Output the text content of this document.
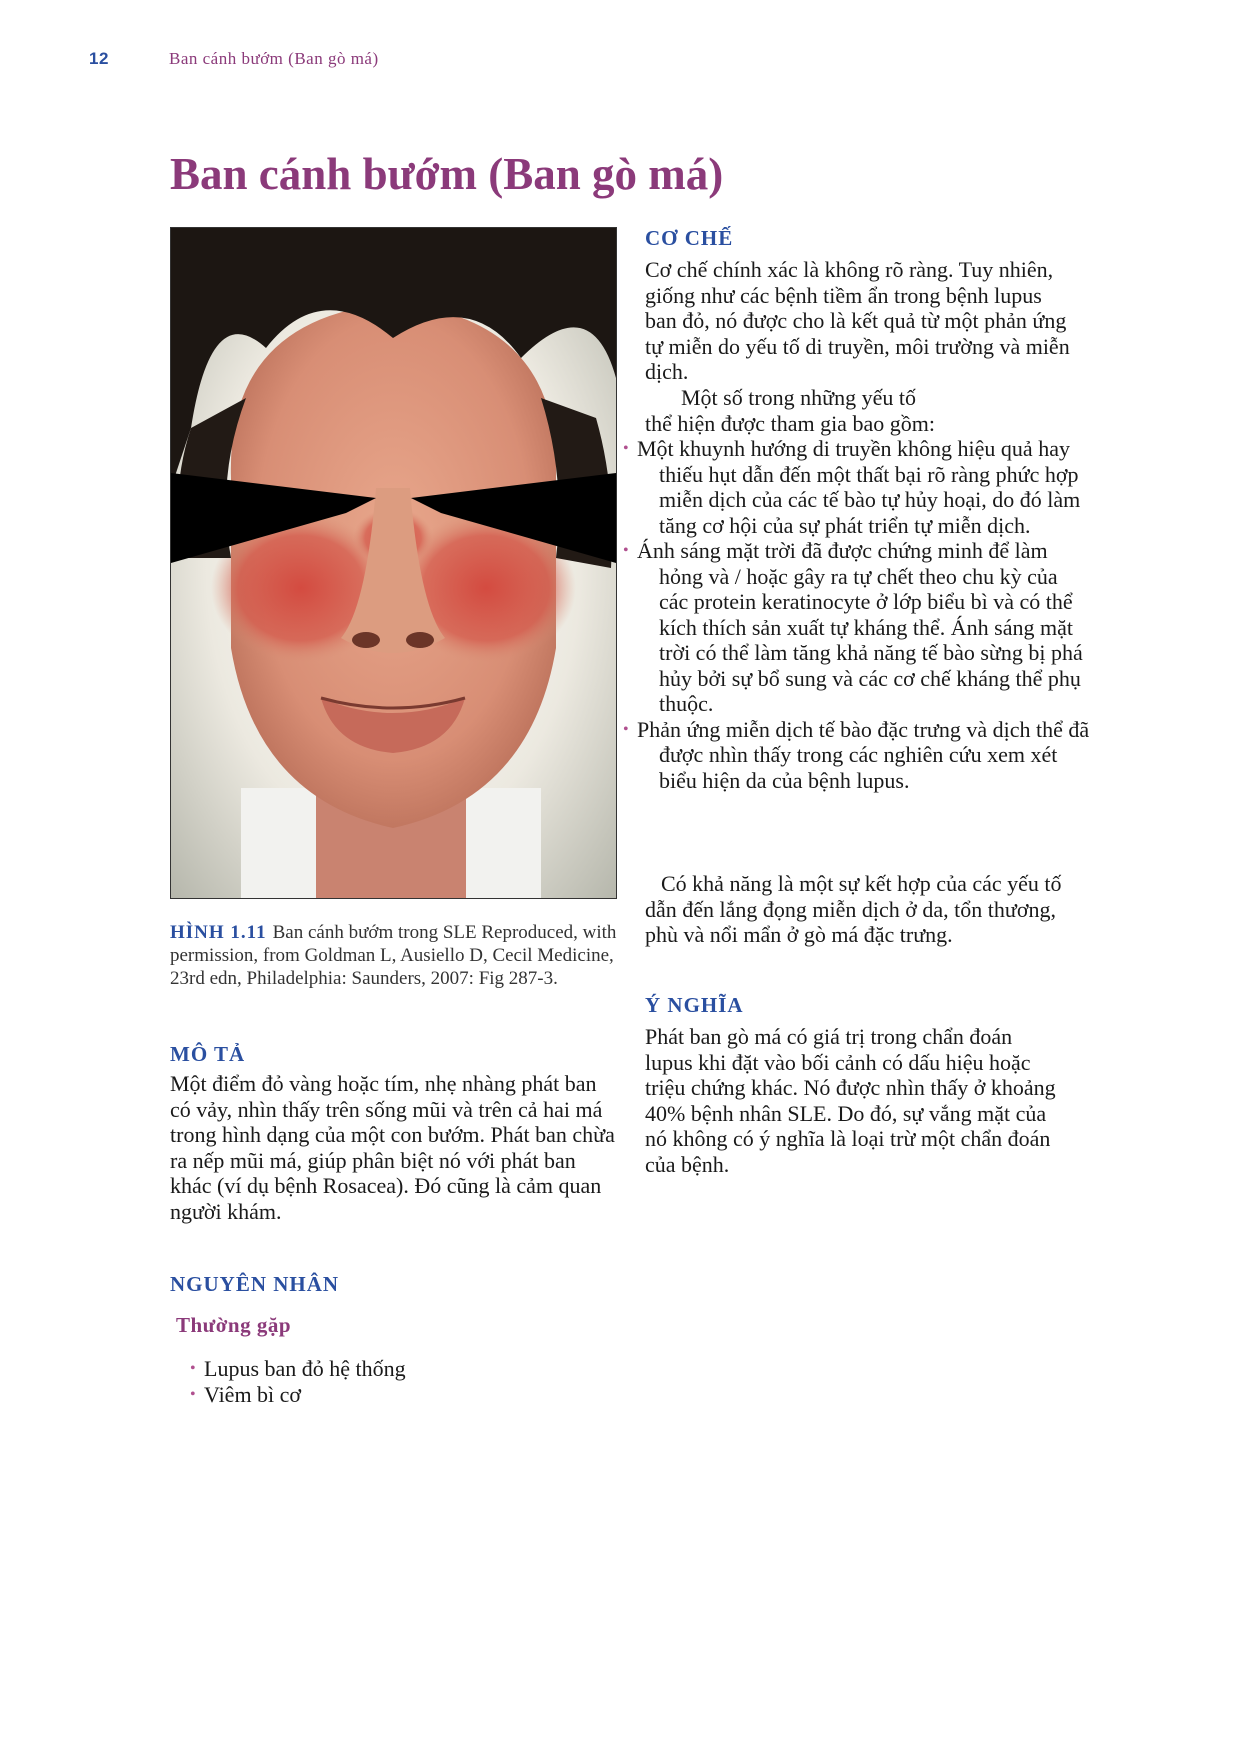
12	Ban cánh bướm (Ban gò má)
Ban cánh bướm (Ban gò má)
HÌNH 1.11 Ban cánh bướm trong SLE Reproduced, with permission, from Goldman L, Ausiello D, Cecil Medicine, 23rd edn, Philadelphia: Saunders, 2007: Fig 287-3.
MÔ TẢ

Một điểm đỏ vàng hoặc tím, nhẹ nhàng phát ban có vảy, nhìn thấy trên sống mũi và trên cả hai má trong hình dạng của một con bướm. Phát ban chừa ra nếp mũi má, giúp phân biệt nó với phát ban khác (ví dụ bệnh Rosacea). Đó cũng là cảm quan người khám.

NGUYÊN NHÂN
Thường gặp
• Lupus ban đỏ hệ thống
• Viêm bì cơ
CƠ CHẾ

Cơ chế chính xác là không rõ ràng. Tuy nhiên, giống như các bệnh tiềm ẩn trong bệnh lupus ban đỏ, nó được cho là kết quả từ một phản ứng tự miễn do yếu tố di truyền, môi trường và miễn dịch.

Một số trong những yếu tố thể hiện được tham gia bao gồm:

• Một khuynh hướng di truyền không hiệu quả hay thiếu hụt dẫn đến một thất bại rõ ràng phức hợp miễn dịch của các tế bào tự hủy hoại, do đó làm tăng cơ hội của sự phát triển tự miễn dịch.
• Ánh sáng mặt trời đã được chứng minh để làm hỏng và / hoặc gây ra tự chết theo chu kỳ của các protein keratinocyte ở lớp biểu bì và có thể kích thích sản xuất tự kháng thể. Ánh sáng mặt trời có thể làm tăng khả năng tế bào sừng bị phá hủy bởi sự bổ sung và các cơ chế kháng thể phụ thuộc.
• Phản ứng miễn dịch tế bào đặc trưng và dịch thể đã được nhìn thấy trong các nghiên cứu xem xét biểu hiện da của bệnh lupus.

Có khả năng là một sự kết hợp của các yếu tố dẫn đến lắng đọng miễn dịch ở da, tổn thương, phù và nổi mẩn ở gò má đặc trưng.

Ý NGHĨA

Phát ban gò má có giá trị trong chẩn đoán lupus khi đặt vào bối cảnh có dấu hiệu hoặc triệu chứng khác. Nó được nhìn thấy ở khoảng 40% bệnh nhân SLE. Do đó, sự vắng mặt của nó không có ý nghĩa là loại trừ một chẩn đoán của bệnh.
